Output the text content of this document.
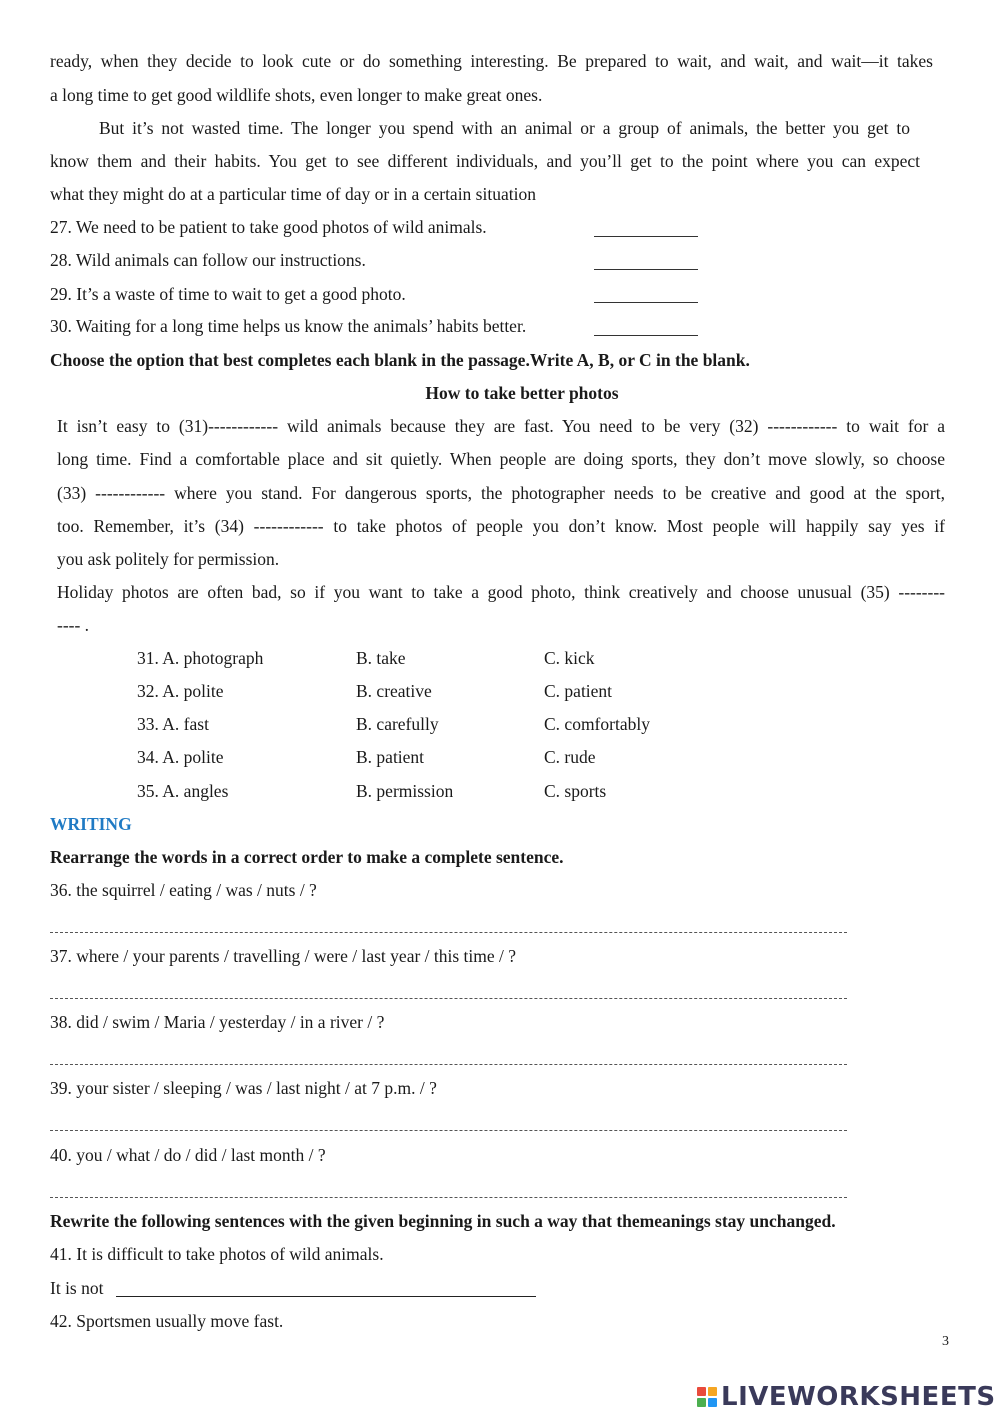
ready, when they decide to look cute or do something interesting. Be prepared to wait, and wait, and wait—it takes
a long time to get good wildlife shots, even longer to make great ones.
But it’s not wasted time. The longer you spend with an animal or a group of animals, the better you get to
know them and their habits. You get to see different individuals, and you’ll get to the point where you can expect
what they might do at a particular time of day or in a certain situation
27. We need to be patient to take good photos of wild animals.
28. Wild animals can follow our instructions.
29. It’s a waste of time to wait to get a good photo.
30. Waiting for a long time helps us know the animals’ habits better.
Choose the option that best completes each blank in the passage.Write A, B, or C in the blank.
How to take better photos
It isn’t easy to (31)------------ wild animals because they are fast. You need to be very (32) ------------ to wait for a
long time. Find a comfortable place and sit quietly. When people are doing sports, they don’t move slowly, so choose
(33) ------------ where you stand. For dangerous sports, the photographer needs to be creative and good at the sport,
too. Remember, it’s (34) ------------ to take photos of people you don’t know. Most people will happily say yes if
you ask politely for permission.
Holiday photos are often bad, so if you want to take a good photo, think creatively and choose unusual (35) --------
---- .
31. A. photograph	B. take	C. kick
32. A. polite	B. creative	C. patient
33. A. fast	B. carefully	C. comfortably
34. A. polite	B. patient	C. rude
35. A. angles	B. permission	C. sports
WRITING
Rearrange the words in a correct order to make a complete sentence.
36. the squirrel / eating / was / nuts / ?
37. where / your parents / travelling / were / last year / this time / ?
38. did / swim / Maria / yesterday / in a river / ?
39. your sister / sleeping / was / last night / at 7 p.m. / ?
40. you / what / do / did / last month / ?
Rewrite the following sentences with the given beginning in such a way that themeanings stay unchanged.
41. It is difficult to take photos of wild animals.
It is not
42. Sportsmen usually move fast.
3
LIVEWORKSHEETS
